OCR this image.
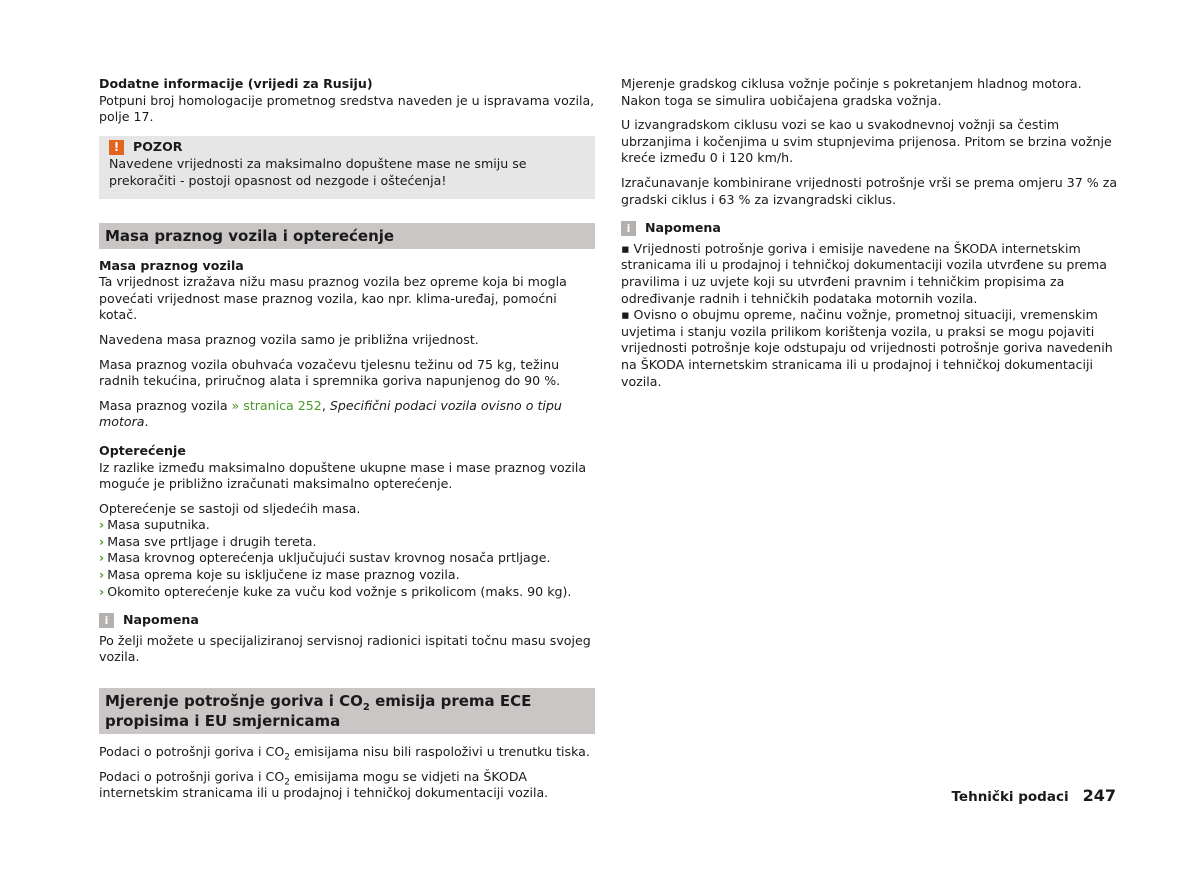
Dodatne informacije (vrijedi za Rusiju)

Potpuni broj homologacije prometnog sredstva naveden je u ispravama vozila, polje 17.

!	POZOR
Navedene vrijednosti za maksimalno dopuštene mase ne smiju se prekoračiti - postoji opasnost od nezgode i oštećenja!
Masa praznog vozila i opterećenje

Masa praznog vozila

Ta vrijednost izražava nižu masu praznog vozila bez opreme koja bi mogla povećati vrijednost mase praznog vozila, kao npr. klima-uređaj, pomoćni kotač.

Navedena masa praznog vozila samo je približna vrijednost.

Masa praznog vozila obuhvaća vozačevu tjelesnu težinu od 75 kg, težinu radnih tekućina, priručnog alata i spremnika goriva napunjenog do 90 %.

Masa praznog vozila » stranica 252, Specifični podaci vozila ovisno o tipu motora.

Opterećenje

Iz razlike između maksimalno dopuštene ukupne mase i mase praznog vozila moguće je približno izračunati maksimalno opterećenje.

Opterećenje se sastoji od sljedećih masa.

› Masa suputnika.
› Masa sve prtljage i drugih tereta.
› Masa krovnog opterećenja uključujući sustav krovnog nosača prtljage.
› Masa oprema koje su isključene iz mase praznog vozila.
› Okomito opterećenje kuke za vuču kod vožnje s prikolicom (maks. 90 kg).
i	Napomena

Po želji možete u specijaliziranoj servisnoj radionici ispitati točnu masu svojeg vozila.

Mjerenje potrošnje goriva i $CO_2$ emisija prema ECE propisima i EU smjernicama

Podaci o potrošnji goriva i $CO_2$ emisijama nisu bili raspoloživi u trenutku tiska.

Podaci o potrošnji goriva i $CO_2$ emisijama mogu se vidjeti na ŠKODA internetskim stranicama ili u prodajnoj i tehničkoj dokumentaciji vozila.

Mjerenje gradskog ciklusa vožnje počinje s pokretanjem hladnog motora. Nakon toga se simulira uobičajena gradska vožnja.

U izvangradskom ciklusu vozi se kao u svakodnevnoj vožnji sa čestim ubrzanjima i kočenjima u svim stupnjevima prijenosa. Pritom se brzina vožnje kreće između 0 i 120 km/h.

Izračunavanje kombinirane vrijednosti potrošnje vrši se prema omjeru 37 % za gradski ciklus i 63 % za izvangradski ciklus.

i	Napomena
▪ Vrijednosti potrošnje goriva i emisije navedene na ŠKODA internetskim stranicama ili u prodajnoj i tehničkoj dokumentaciji vozila utvrđene su prema pravilima i uz uvjete koji su utvrđeni pravnim i tehničkim propisima za određivanje radnih i tehničkih podataka motornih vozila.
▪ Ovisno o obujmu opreme, načinu vožnje, prometnoj situaciji, vremenskim uvjetima i stanju vozila prilikom korištenja vozila, u praksi se mogu pojaviti vrijednosti potrošnje koje odstupaju od vrijednosti potrošnje goriva navedenih na ŠKODA internetskim stranicama ili u prodajnoj i tehničkoj dokumentaciji vozila.
Tehnički podaci 247
